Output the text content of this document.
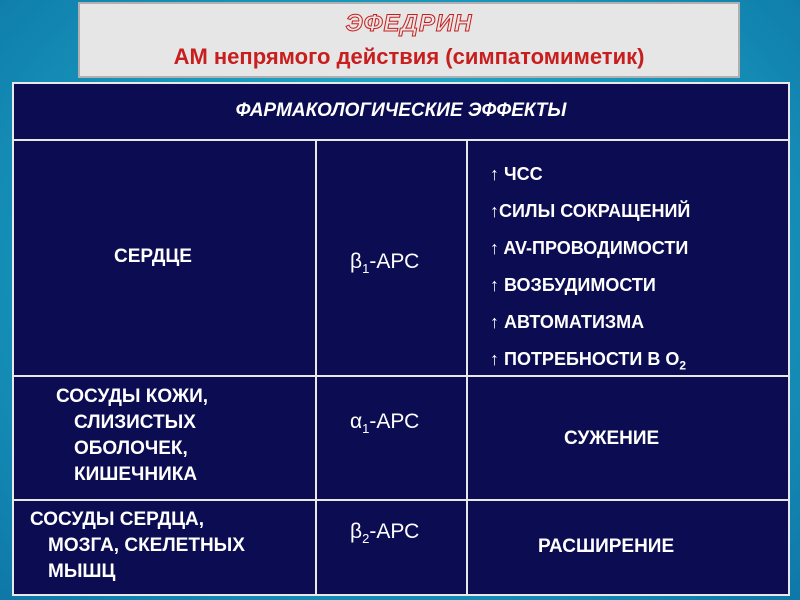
ЭФЕДРИН
АМ непрямого действия (симпатомиметик)
ФАРМАКОЛОГИЧЕСКИЕ ЭФФЕКТЫ
СЕРДЦЕ	$\beta_1$-АРС
↑ ЧСС
↑СИЛЫ СОКРАЩЕНИЙ
↑ AV-ПРОВОДИМОСТИ
↑ ВОЗБУДИМОСТИ
↑ АВТОМАТИЗМА
↑ ПОТРЕБНОСТИ В $О_2$
СОСУДЫ КОЖИ,
СЛИЗИСТЫХ
ОБОЛОЧЕК,
КИШЕЧНИКА
$\alpha_1$-АРС
СУЖЕНИЕ
СОСУДЫ СЕРДЦА,
МОЗГА, СКЕЛЕТНЫХ
МЫШЦ
$\beta_2$-АРС
РАСШИРЕНИЕ
